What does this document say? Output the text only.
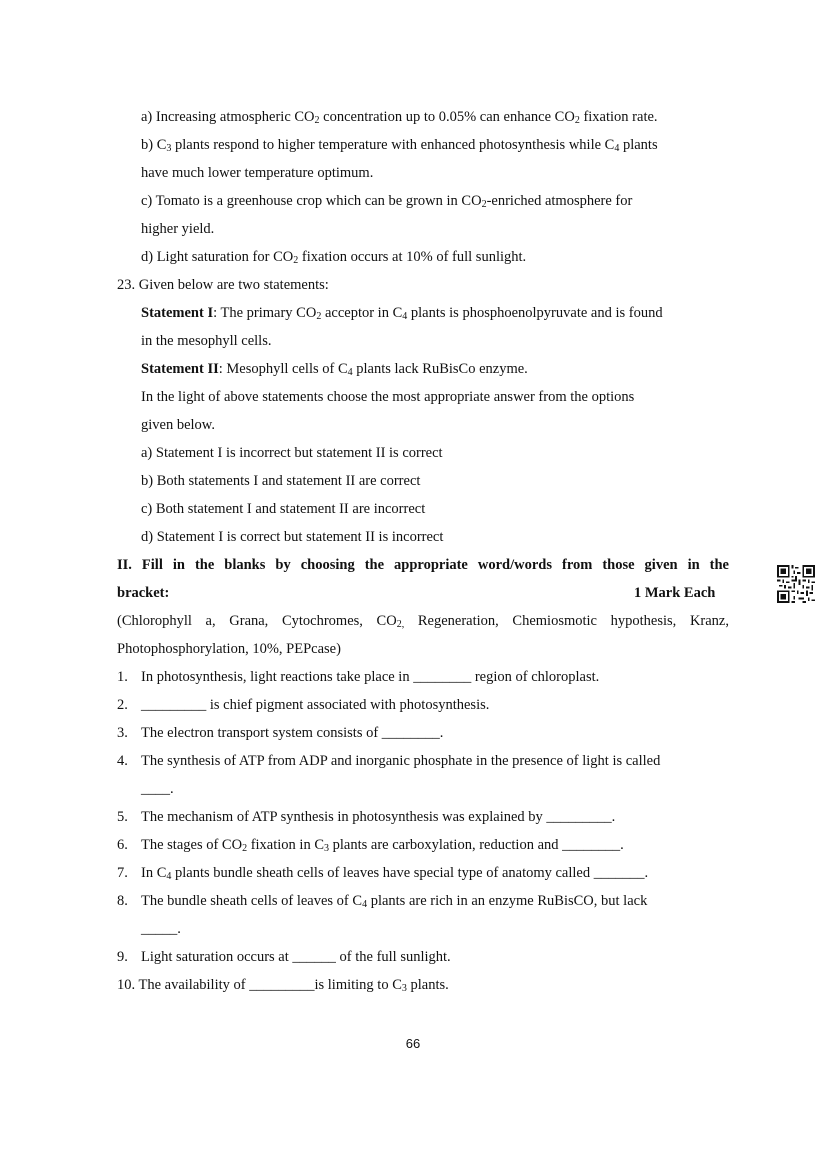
a) Increasing atmospheric $CO_2$ concentration up to 0.05% can enhance $CO_2$ fixation rate.
b) $C_3$ plants respond to higher temperature with enhanced photosynthesis while $C_4$ plants
have much lower temperature optimum.
c) Tomato is a greenhouse crop which can be grown in $CO_2$-enriched atmosphere for
higher yield.
d) Light saturation for $CO_2$ fixation occurs at 10% of full sunlight.
23. Given below are two statements:
Statement I: The primary $CO_2$ acceptor in $C_4$ plants is phosphoenolpyruvate and is found
in the mesophyll cells.
Statement II: Mesophyll cells of $C_4$ plants lack RuBisCo enzyme.
In the light of above statements choose the most appropriate answer from the options
given below.
a) Statement I is incorrect but statement II is correct
b) Both statements I and statement II are correct
c) Both statement I and statement II are incorrect
d) Statement I is correct but statement II is incorrect
II. Fill in the blanks by choosing the appropriate word/words from those given in the
bracket:	1 Mark Each
(Chlorophyll a, Grana, Cytochromes, $CO_{2,}$ Regeneration, Chemiosmotic hypothesis, Kranz,
Photophosphorylation, 10%, PEPcase)
1. In photosynthesis, light reactions take place in ________ region of chloroplast.
2. _________ is chief pigment associated with photosynthesis.
3. The electron transport system consists of ________.
4. The synthesis of ATP from ADP and inorganic phosphate in the presence of light is called
____.
5. The mechanism of ATP synthesis in photosynthesis was explained by _________.
6. The stages of $CO_2$ fixation in $C_3$ plants are carboxylation, reduction and ________.
7. In $C_4$ plants bundle sheath cells of leaves have special type of anatomy called _______.
8. The bundle sheath cells of leaves of $C_4$ plants are rich in an enzyme RuBisCO, but lack
_____.
9. Light saturation occurs at ______ of the full sunlight.
10. The availability of _________is limiting to $C_3$ plants.
66
